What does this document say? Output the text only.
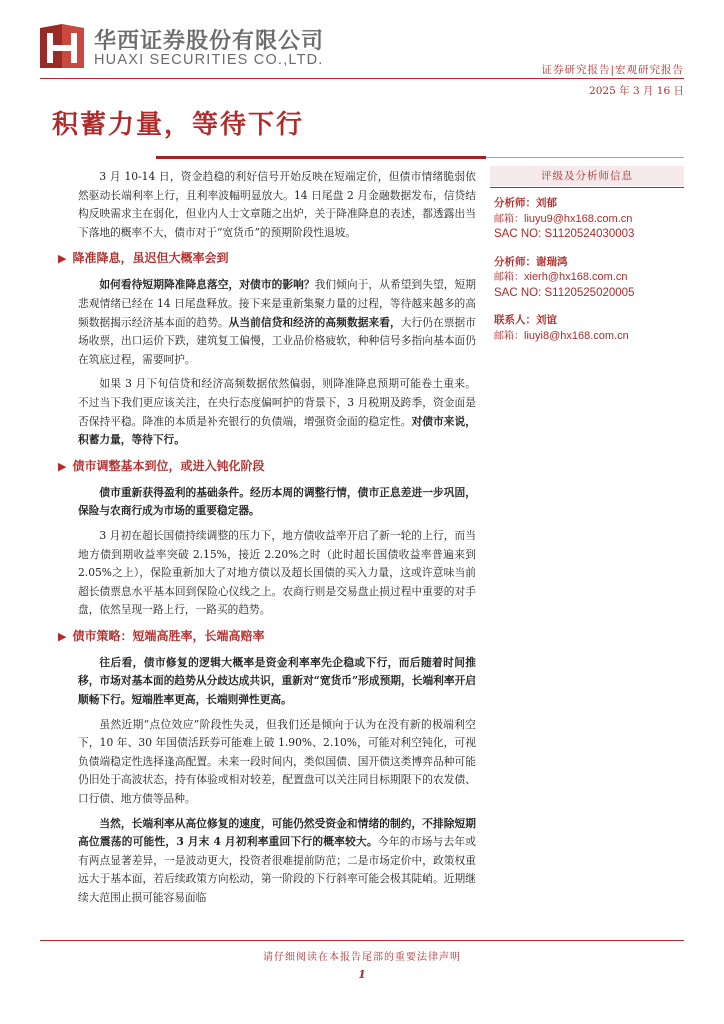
华西证券股份有限公司
HUAXI SECURITIES CO.,LTD.
证券研究报告|宏观研究报告
2025 年 3 月 16 日
积蓄力量，等待下行

3 月 10-14 日，资金趋稳的利好信号开始反映在短端定价，但债市情绪脆弱依然驱动长端利率上行，且利率波幅明显放大。14 日尾盘 2 月金融数据发布，信贷结构反映需求主在弱化，但业内人士文章随之出炉，关于降准降息的表述，都透露出当下落地的概率不大，债市对于“宽货币”的预期阶段性退坡。

▶ 降准降息，虽迟但大概率会到

如何看待短期降准降息落空，对债市的影响？我们倾向于，从希望到失望，短期悲观情绪已经在 14 日尾盘释放。接下来是重新集聚力量的过程，等待越来越多的高频数据揭示经济基本面的趋势。从当前信贷和经济的高频数据来看，大行仍在票据市场收票，出口运价下跌，建筑复工偏慢，工业品价格疲软，种种信号多指向基本面仍在筑底过程，需要呵护。

如果 3 月下旬信贷和经济高频数据依然偏弱，则降准降息预期可能卷土重来。不过当下我们更应该关注，在央行态度偏呵护的背景下，3 月税期及跨季，资金面是否保持平稳。降准的本质是补充银行的负债端，增强资金面的稳定性。对债市来说，积蓄力量，等待下行。

▶ 债市调整基本到位，或进入钝化阶段

债市重新获得盈利的基础条件。经历本周的调整行情，债市正息差进一步巩固，保险与农商行成为市场的重要稳定器。

3 月初在超长国债持续调整的压力下，地方债收益率开启了新一轮的上行，而当地方债到期收益率突破 2.15%，接近 2.20%之时（此时超长国债收益率普遍来到 2.05%之上），保险重新加大了对地方债以及超长国债的买入力量，这或许意味当前超长债票息水平基本回到保险心仪线之上。农商行则是交易盘止损过程中重要的对手盘，依然呈现一路上行，一路买的趋势。

▶ 债市策略：短端高胜率，长端高赔率

往后看，债市修复的逻辑大概率是资金利率率先企稳或下行，而后随着时间推移，市场对基本面的趋势从分歧达成共识，重新对“宽货币”形成预期，长端利率开启顺畅下行。短端胜率更高，长端则弹性更高。

虽然近期“点位效应”阶段性失灵，但我们还是倾向于认为在没有新的极端利空下，10 年、30 年国债活跃券可能难上破 1.90%、2.10%，可能对利空钝化，可视负债端稳定性选择逢高配置。未来一段时间内，类似国债、国开债这类博弈品种可能仍旧处于高波状态，持有体验或相对较差，配置盘可以关注同目标期限下的农发债、口行债、地方债等品种。

当然，长端利率从高位修复的速度，可能仍然受资金和情绪的制约，不排除短期高位震荡的可能性，3 月末 4 月初利率重回下行的概率较大。今年的市场与去年或有两点显著差异，一是波动更大，投资者很难提前防范；二是市场定价中，政策权重远大于基本面，若后续政策方向松动，第一阶段的下行斜率可能会极其陡峭。近期继续大范围止损可能容易面临

评级及分析师信息
分析师：刘郁
邮箱：liuyu9@hx168.com.cn
SAC NO: S1120524030003
分析师：谢瑞鸿
邮箱：xierh@hx168.com.cn
SAC NO: S1120525020005
联系人：刘谊
邮箱：liuyi8@hx168.com.cn
请仔细阅读在本报告尾部的重要法律声明
1
